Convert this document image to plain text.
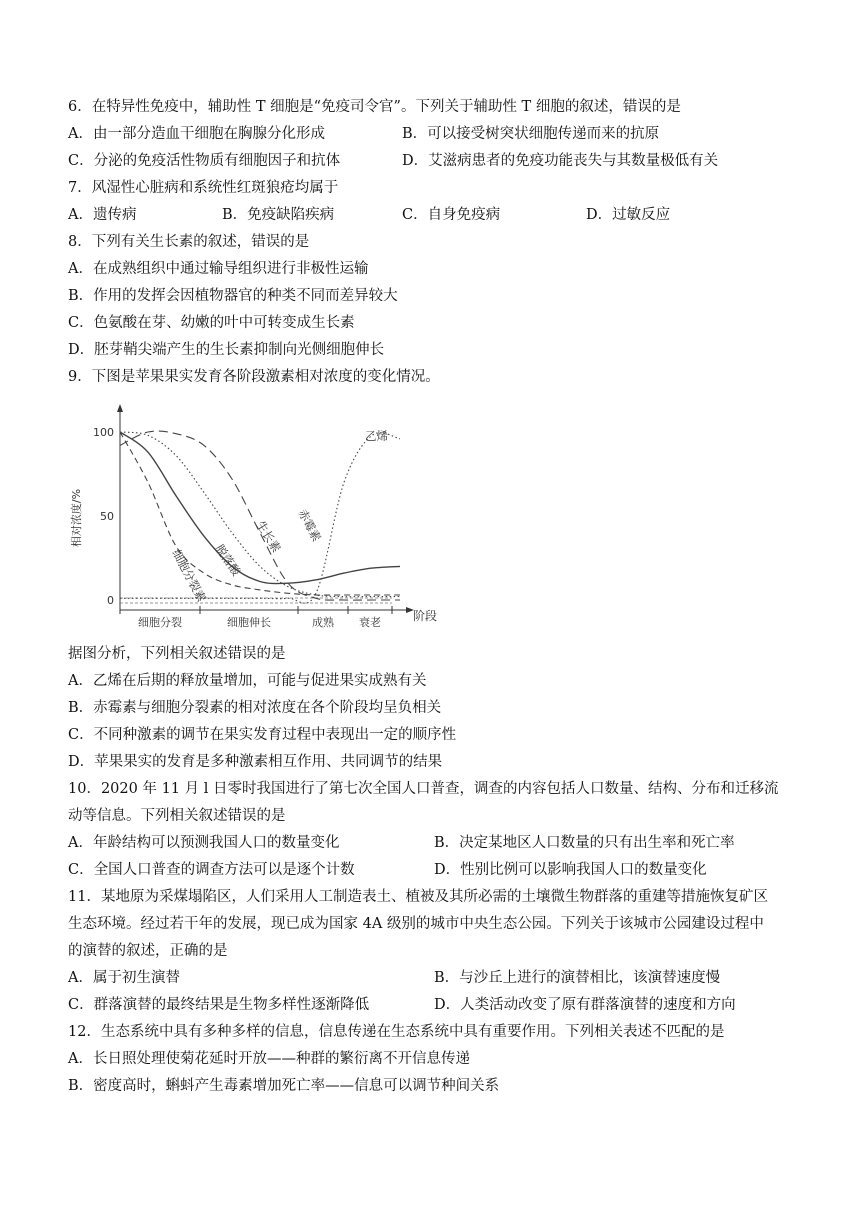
6．在特异性免疫中，辅助性 T 细胞是“免疫司令官”。下列关于辅助性 T 细胞的叙述，错误的是
A．由一部分造血干细胞在胸腺分化形成	B．可以接受树突状细胞传递而来的抗原
C．分泌的免疫活性物质有细胞因子和抗体	D．艾滋病患者的免疫功能丧失与其数量极低有关
7．风湿性心脏病和系统性红斑狼疮均属于
A．遗传病	B．免疫缺陷疾病	C．自身免疫病	D．过敏反应
8．下列有关生长素的叙述，错误的是
A．在成熟组织中通过输导组织进行非极性运输
B．作用的发挥会因植物器官的种类不同而差异较大
C．色氨酸在芽、幼嫩的叶中可转变成生长素
D．胚芽鞘尖端产生的生长素抑制向光侧细胞伸长
9．下图是苹果果实发育各阶段激素相对浓度的变化情况。
100
50
0
相对浓度/%
阶段
细胞分裂	细胞伸长	成熟 衰老
乙烯
赤霉素
生长素
脱落酸
细胞分裂素
据图分析，下列相关叙述错误的是
A．乙烯在后期的释放量增加，可能与促进果实成熟有关
B．赤霉素与细胞分裂素的相对浓度在各个阶段均呈负相关
C．不同种激素的调节在果实发育过程中表现出一定的顺序性
D．苹果果实的发育是多种激素相互作用、共同调节的结果
10．2020 年 11 月 l 日零时我国进行了第七次全国人口普查，调查的内容包括人口数量、结构、分布和迁移流
动等信息。下列相关叙述错误的是
A．年龄结构可以预测我国人口的数量变化	B．决定某地区人口数量的只有出生率和死亡率
C．全国人口普查的调查方法可以是逐个计数	D．性别比例可以影响我国人口的数量变化
11．某地原为采煤塌陷区，人们采用人工制造表土、植被及其所必需的土壤微生物群落的重建等措施恢复矿区
生态环境。经过若干年的发展，现已成为国家 4A 级别的城市中央生态公园。下列关于该城市公园建设过程中
的演替的叙述，正确的是
A．属于初生演替	B．与沙丘上进行的演替相比，该演替速度慢
C．群落演替的最终结果是生物多样性逐渐降低	D．人类活动改变了原有群落演替的速度和方向
12．生态系统中具有多种多样的信息，信息传递在生态系统中具有重要作用。下列相关表述不匹配的是
A．长日照处理使菊花延时开放——种群的繁衍离不开信息传递
B．密度高时，蝌蚪产生毒素增加死亡率——信息可以调节种间关系
